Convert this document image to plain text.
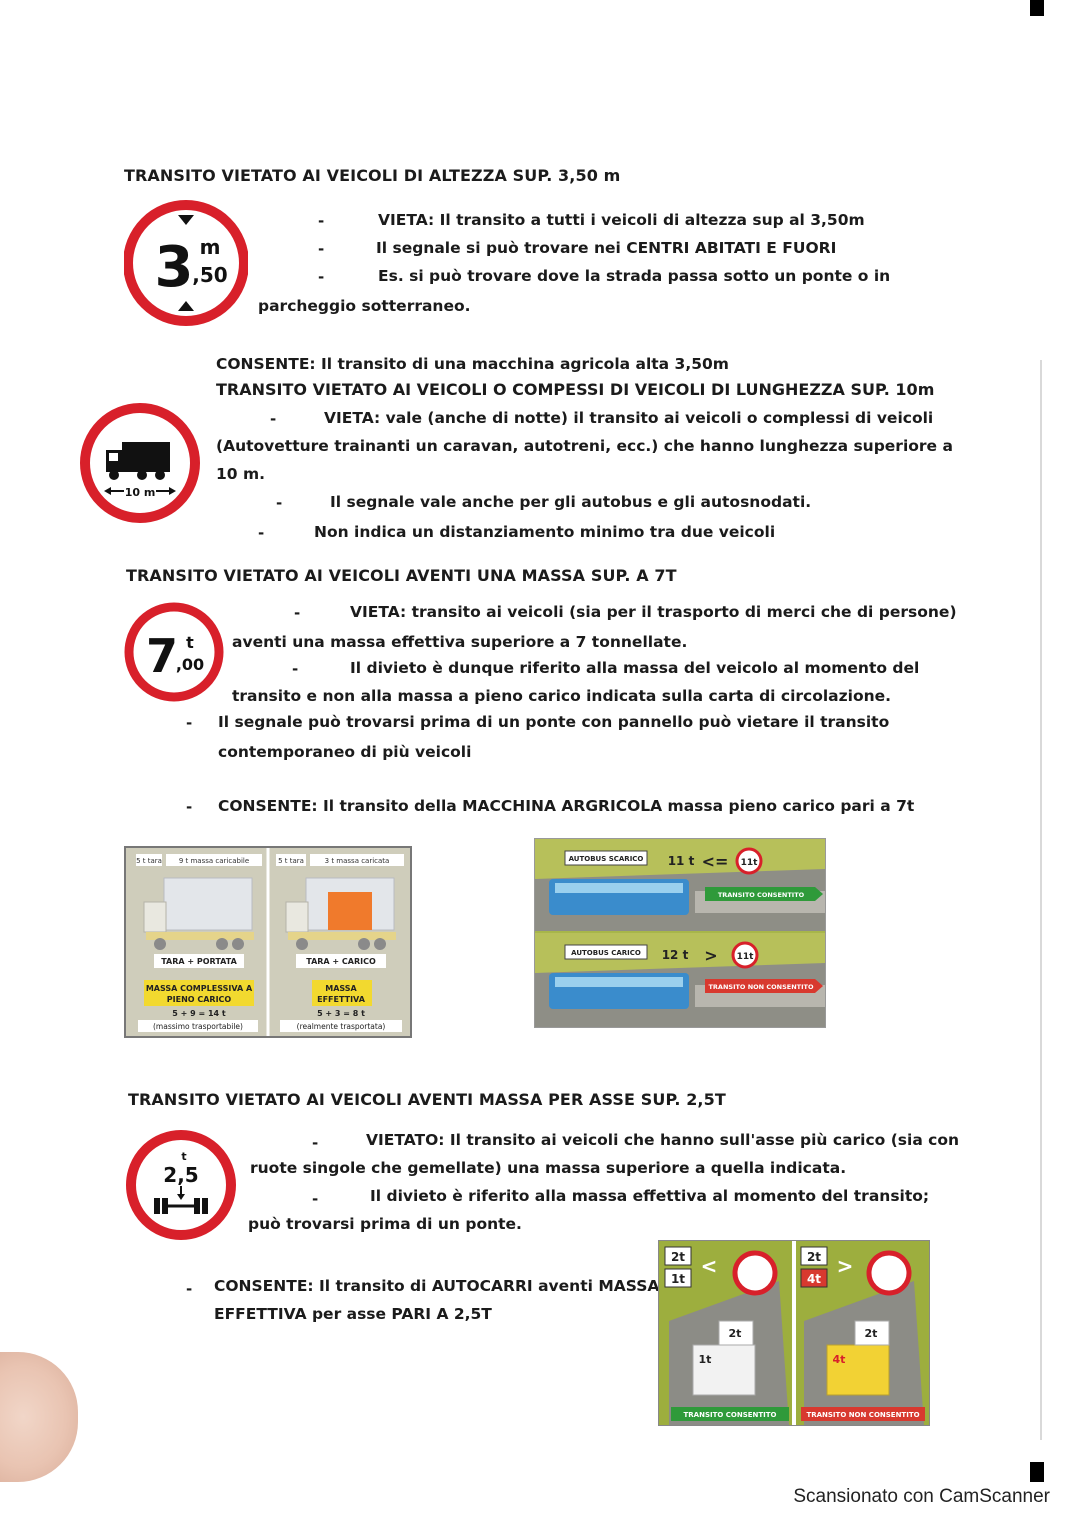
TRANSITO VIETATO AI VEICOLI DI ALTEZZA SUP. 3,50 m
3 m
,50
-	VIETA: Il transito a tutti i veicoli di altezza sup al 3,50m
-	Il segnale si può trovare nei CENTRI ABITATI E FUORI
-	Es. si può trovare dove la strada passa sotto un ponte o in
parcheggio sotterraneo.
CONSENTE: Il transito di una macchina agricola alta 3,50m
TRANSITO VIETATO AI VEICOLI O COMPESSI DI VEICOLI DI LUNGHEZZA SUP. 10m
10 m
-	VIETA: vale (anche di notte) il transito ai veicoli o complessi di veicoli
(Autovetture trainanti un caravan, autotreni, ecc.) che hanno lunghezza superiore a
10 m.
-	Il segnale vale anche per gli autobus e gli autosnodati.
-	Non indica un distanziamento minimo tra due veicoli
TRANSITO VIETATO AI VEICOLI AVENTI UNA MASSA SUP. A 7T
7 t
,00
-	VIETA: transito ai veicoli (sia per il trasporto di merci che di persone)
aventi una massa effettiva superiore a 7 tonnellate.
-	Il divieto è dunque riferito alla massa del veicolo al momento del
transito e non alla massa a pieno carico indicata sulla carta di circolazione.
- Il segnale può trovarsi prima di un ponte con pannello può vietare il transito
contemporaneo di più veicoli
- CONSENTE: Il transito della MACCHINA ARGRICOLA massa pieno carico pari a 7t
5 t tara 9 t massa caricabile	5 t tara	3 t massa caricata
TARA + PORTATA	TARA + CARICO
MASSA COMPLESSIVA A
PIENO CARICO
MASSA
EFFETTIVA
5 + 9 = 14 t	5 + 3 = 8 t
(massimo trasportabile)	(realmente trasportata)
AUTOBUS SCARICO 11 t <= 11t
TRANSITO CONSENTITO
AUTOBUS CARICO 12 t > 11t
TRANSITO NON CONSENTITO
TRANSITO VIETATO AI VEICOLI AVENTI MASSA PER ASSE SUP. 2,5T
t
2,5
-	VIETATO: Il transito ai veicoli che hanno sull'asse più carico (sia con
ruote singole che gemellate) una massa superiore a quella indicata.
-	Il divieto è riferito alla massa effettiva al momento del transito;
può trovarsi prima di un ponte.
- CONSENTE: Il transito di AUTOCARRI aventi MASSA
EFFETTIVA per asse PARI A 2,5T
2t
1t
<
2t
1t
TRANSITO CONSENTITO
2t
4t
>
2t
4t
TRANSITO NON CONSENTITO
Scansionato con CamScanner
